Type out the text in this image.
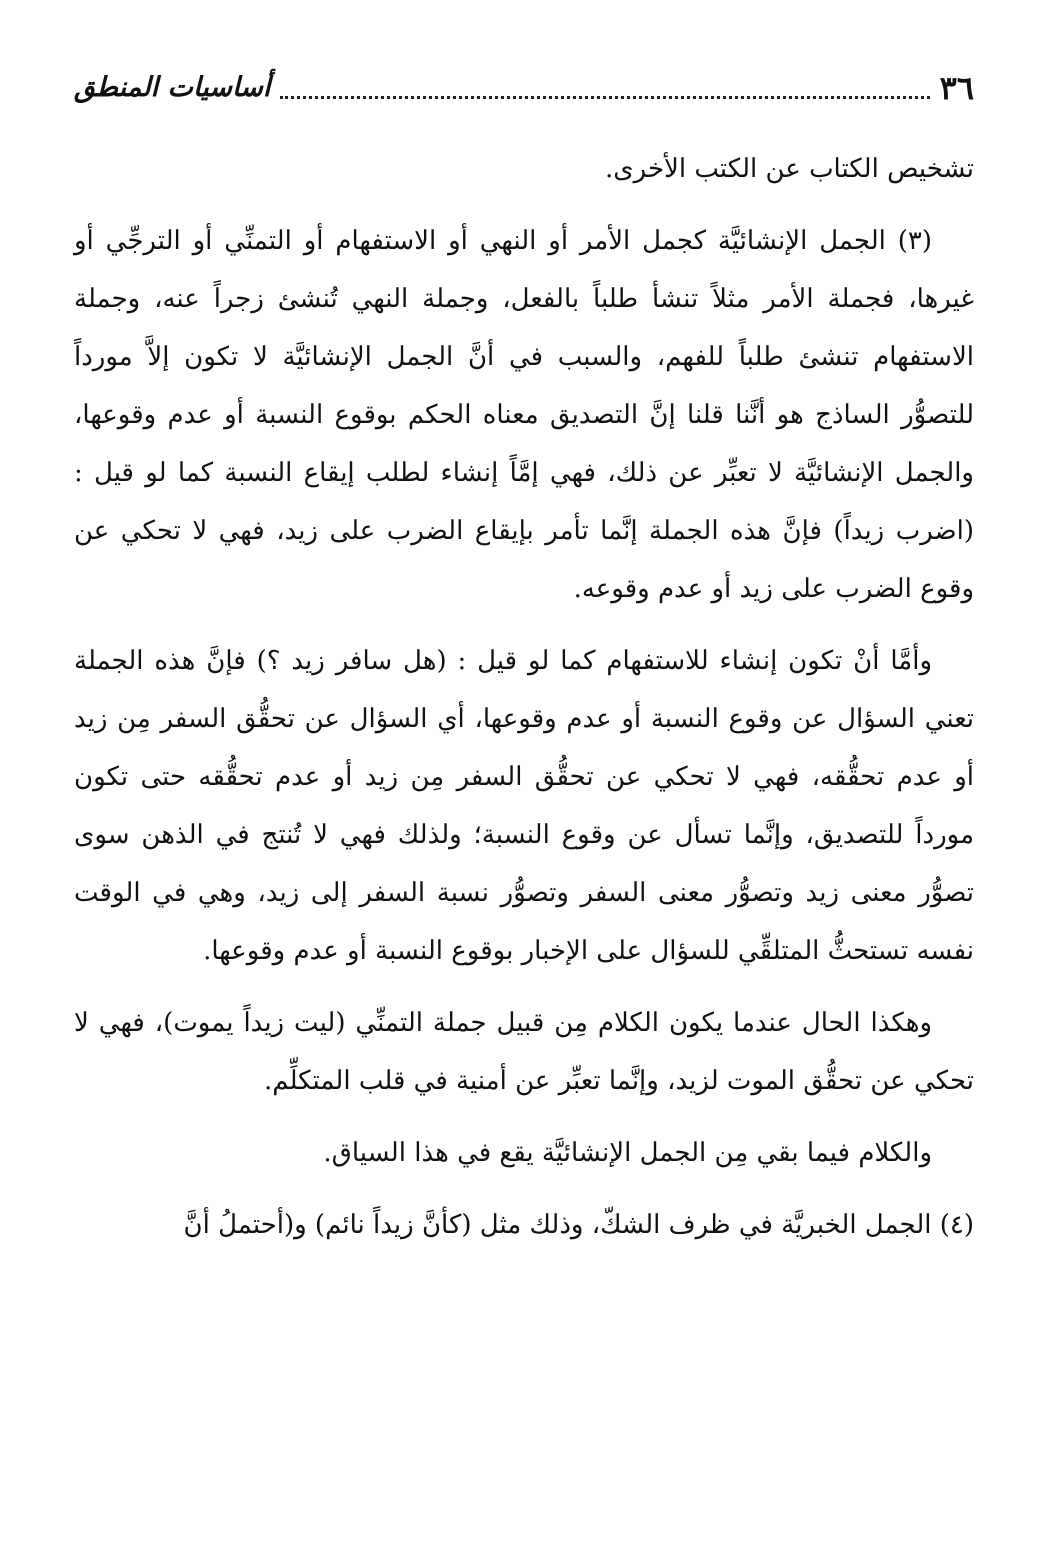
٣٦
أساسيات المنطق

تشخيص الكتاب عن الكتب الأخرى.

(٣) الجمل الإنشائيَّة كجمل الأمر أو النهي أو الاستفهام أو التمنِّي أو الترجِّي أو غيرها، فجملة الأمر مثلاً تنشأ طلباً بالفعل، وجملة النهي تُنشئ زجراً عنه، وجملة الاستفهام تنشئ طلباً للفهم، والسبب في أنَّ الجمل الإنشائيَّة لا تكون إلاَّ مورداً للتصوُّر الساذج هو أنَّنا قلنا إنَّ التصديق معناه الحكم بوقوع النسبة أو عدم وقوعها، والجمل الإنشائيَّة لا تعبِّر عن ذلك، فهي إمَّاً إنشاء لطلب إيقاع النسبة كما لو قيل : (اضرب زيداً) فإنَّ هذه الجملة إنَّما تأمر بإيقاع الضرب على زيد، فهي لا تحكي عن وقوع الضرب على زيد أو عدم وقوعه.

وأمَّا أنْ تكون إنشاء للاستفهام كما لو قيل : (هل سافر زيد ؟) فإنَّ هذه الجملة تعني السؤال عن وقوع النسبة أو عدم وقوعها، أي السؤال عن تحقُّق السفر مِن زيد أو عدم تحقُّقه، فهي لا تحكي عن تحقُّق السفر مِن زيد أو عدم تحقُّقه حتى تكون مورداً للتصديق، وإنَّما تسأل عن وقوع النسبة؛ ولذلك فهي لا تُنتج في الذهن سوى تصوُّر معنى زيد وتصوُّر معنى السفر وتصوُّر نسبة السفر إلى زيد، وهي في الوقت نفسه تستحثُّ المتلقِّي للسؤال على الإخبار بوقوع النسبة أو عدم وقوعها.

وهكذا الحال عندما يكون الكلام مِن قبيل جملة التمنِّي (ليت زيداً يموت)، فهي لا تحكي عن تحقُّق الموت لزيد، وإنَّما تعبِّر عن أمنية في قلب المتكلِّم.

والكلام فيما بقي مِن الجمل الإنشائيَّة يقع في هذا السياق.

(٤) الجمل الخبريَّة في ظرف الشكّ، وذلك مثل (كأنَّ زيداً نائم) و(أحتملُ أنَّ
